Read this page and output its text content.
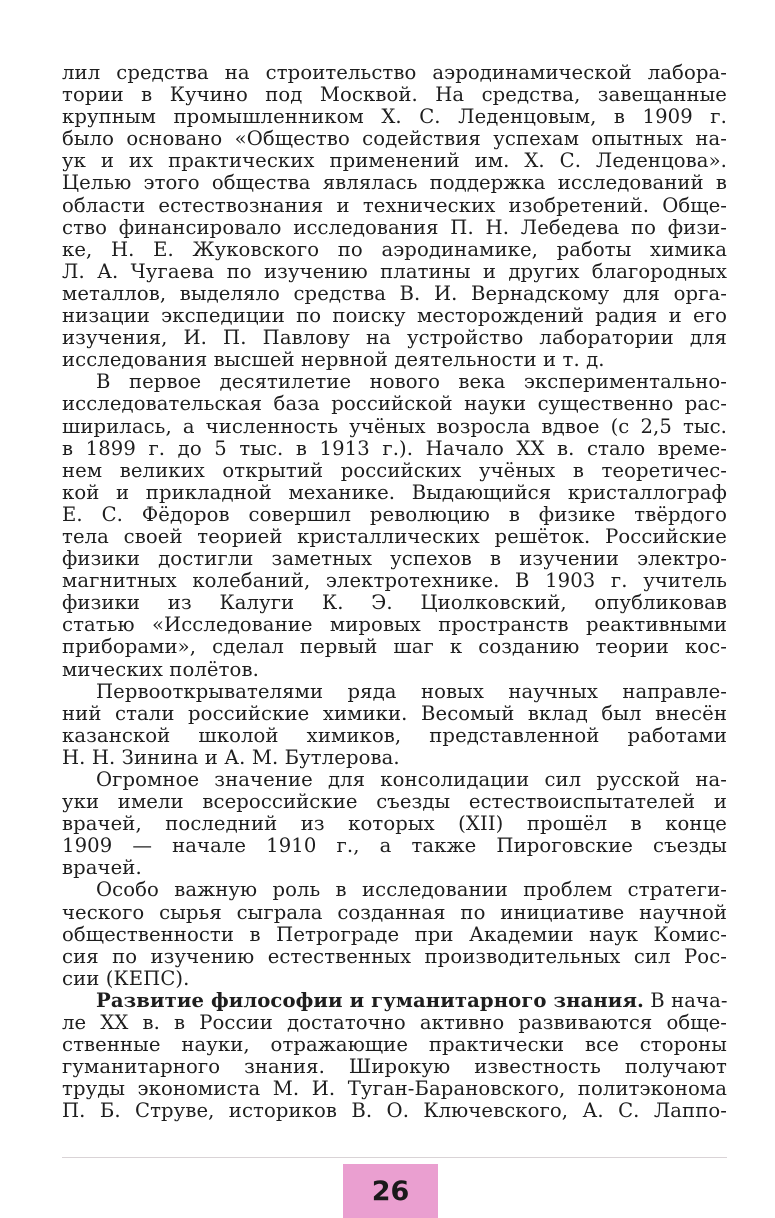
лил средства на строительство аэродинамической лабора-
тории в Кучино под Москвой. На средства, завещанные
крупным промышленником Х. С. Леденцовым, в 1909 г.
было основано «Общество содействия успехам опытных на-
ук и их практических применений им. Х. С. Леденцова».
Целью этого общества являлась поддержка исследований в
области естествознания и технических изобретений. Обще-
ство финансировало исследования П. Н. Лебедева по физи-
ке, Н. Е. Жуковского по аэродинамике, работы химика
Л. А. Чугаева по изучению платины и других благородных
металлов, выделяло средства В. И. Вернадскому для орга-
низации экспедиции по поиску месторождений радия и его
изучения, И. П. Павлову на устройство лаборатории для
исследования высшей нервной деятельности и т. д.
В первое десятилетие нового века экспериментально-
исследовательская база российской науки существенно рас-
ширилась, а численность учёных возросла вдвое (с 2,5 тыс.
в 1899 г. до 5 тыс. в 1913 г.). Начало XX в. стало време-
нем великих открытий российских учёных в теоретичес-
кой и прикладной механике. Выдающийся кристаллограф
Е. С. Фёдоров совершил революцию в физике твёрдого
тела своей теорией кристаллических решёток. Российские
физики достигли заметных успехов в изучении электро-
магнитных колебаний, электротехнике. В 1903 г. учитель
физики из Калуги К. Э. Циолковский, опубликовав
статью «Исследование мировых пространств реактивными
приборами», сделал первый шаг к созданию теории кос-
мических полётов.
Первооткрывателями ряда новых научных направле-
ний стали российские химики. Весомый вклад был внесён
казанской школой химиков, представленной работами
Н. Н. Зинина и А. М. Бутлерова.
Огромное значение для консолидации сил русской на-
уки имели всероссийские съезды естествоиспытателей и
врачей, последний из которых (XII) прошёл в конце
1909 — начале 1910 г., а также Пироговские съезды
врачей.
Особо важную роль в исследовании проблем стратеги-
ческого сырья сыграла созданная по инициативе научной
общественности в Петрограде при Академии наук Комис-
сия по изучению естественных производительных сил Рос-
сии (КЕПС).
Развитие философии и гуманитарного знания. В нача-
ле XX в. в России достаточно активно развиваются обще-
ственные науки, отражающие практически все стороны
гуманитарного знания. Широкую известность получают
труды экономиста М. И. Туган-Барановского, политэконома
П. Б. Струве, историков В. О. Ключевского, А. С. Лаппо-
26
